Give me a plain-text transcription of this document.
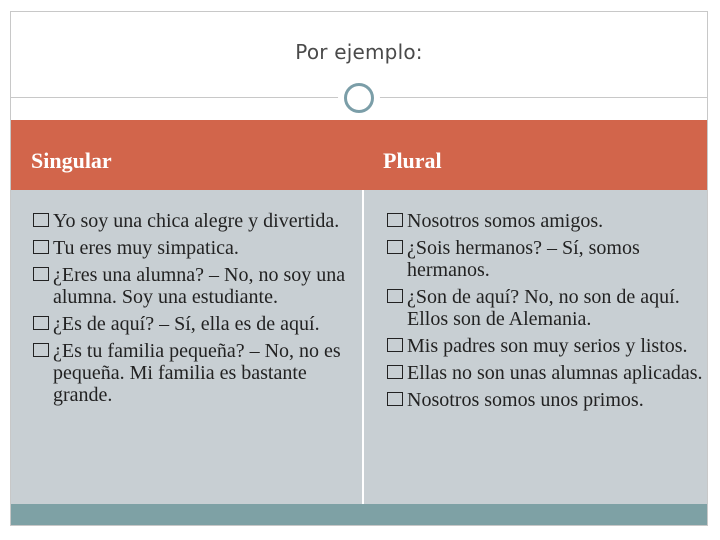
Por ejemplo:
Singular	Plural
Yo soy una chica alegre y divertida.
Tu eres muy simpatica.
¿Eres una alumna? – No, no soy una alumna. Soy una estudiante.
¿Es de aquí? – Sí, ella es de aquí.
¿Es tu familia pequeña? – No, no es pequeña. Mi familia es bastante grande.
Nosotros somos amigos.
¿Sois hermanos? – Sí, somos hermanos.
¿Son de aquí? No, no son de aquí. Ellos son de Alemania.
Mis padres son muy serios y listos.
Ellas no son unas alumnas aplicadas.
Nosotros somos unos primos.
